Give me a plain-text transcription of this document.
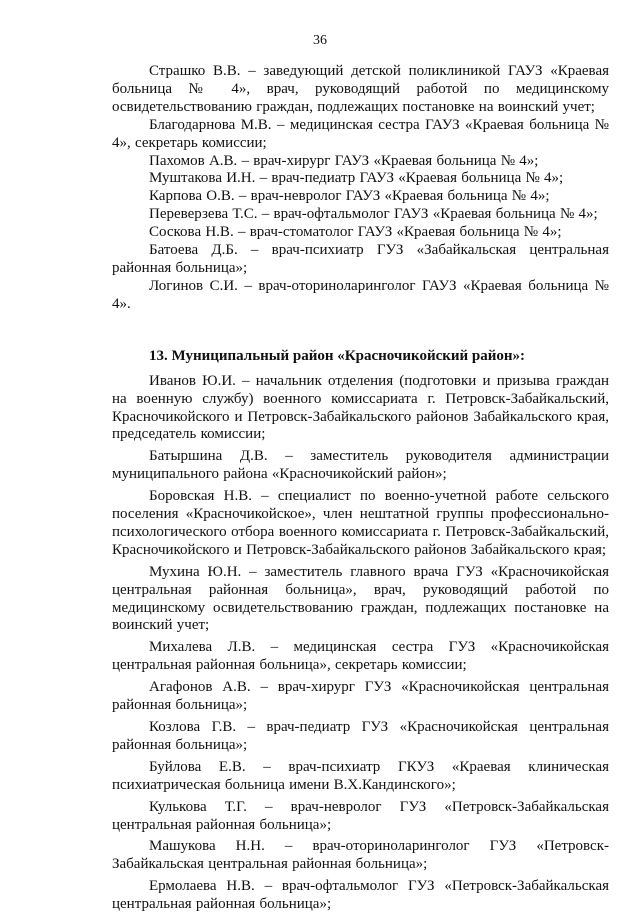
36

Страшко В.В. – заведующий детской поликлиникой ГАУЗ «Краевая больница № 4», врач, руководящий работой по медицинскому освидетельствованию граждан, подлежащих постановке на воинский учет;

Благодарнова М.В. – медицинская сестра ГАУЗ «Краевая больница № 4», секретарь комиссии;

Пахомов А.В. – врач-хирург ГАУЗ «Краевая больница № 4»;

Муштакова И.Н. – врач-педиатр ГАУЗ «Краевая больница № 4»;

Карпова О.В. – врач-невролог ГАУЗ «Краевая больница № 4»;

Переверзева Т.С. – врач-офтальмолог ГАУЗ «Краевая больница № 4»;

Соскова Н.В. – врач-стоматолог ГАУЗ «Краевая больница № 4»;

Батоева Д.Б. – врач-психиатр ГУЗ «Забайкальская центральная районная больница»;

Логинов С.И. – врач-оториноларинголог ГАУЗ «Краевая больница № 4».

13. Муниципальный район «Красночикойский район»:

Иванов Ю.И. – начальник отделения (подготовки и призыва граждан на военную службу) военного комиссариата г. Петровск-Забайкальский, Красночикойского и Петровск-Забайкальского районов Забайкальского края, председатель комиссии;

Батыршина Д.В. – заместитель руководителя администрации муниципального района «Красночикойский район»;

Боровская Н.В. – специалист по военно-учетной работе сельского поселения «Красночикойское», член нештатной группы профессионально-психологического отбора военного комиссариата г. Петровск-Забайкальский, Красночикойского и Петровск-Забайкальского районов Забайкальского края;

Мухина Ю.Н. – заместитель главного врача ГУЗ «Красночикойская центральная районная больница», врач, руководящий работой по медицинскому освидетельствованию граждан, подлежащих постановке на воинский учет;

Михалева Л.В. – медицинская сестра ГУЗ «Красночикойская центральная районная больница», секретарь комиссии;

Агафонов А.В. – врач-хирург ГУЗ «Красночикойская центральная районная больница»;

Козлова Г.В. – врач-педиатр ГУЗ «Красночикойская центральная районная больница»;

Буйлова Е.В. – врач-психиатр ГКУЗ «Краевая клиническая психиатрическая больница имени В.Х.Кандинского»;

Кулькова Т.Г. – врач-невролог ГУЗ «Петровск-Забайкальская центральная районная больница»;

Машукова Н.Н. – врач-оториноларинголог ГУЗ «Петровск-Забайкальская центральная районная больница»;

Ермолаева Н.В. – врач-офтальмолог ГУЗ «Петровск-Забайкальская центральная районная больница»;
